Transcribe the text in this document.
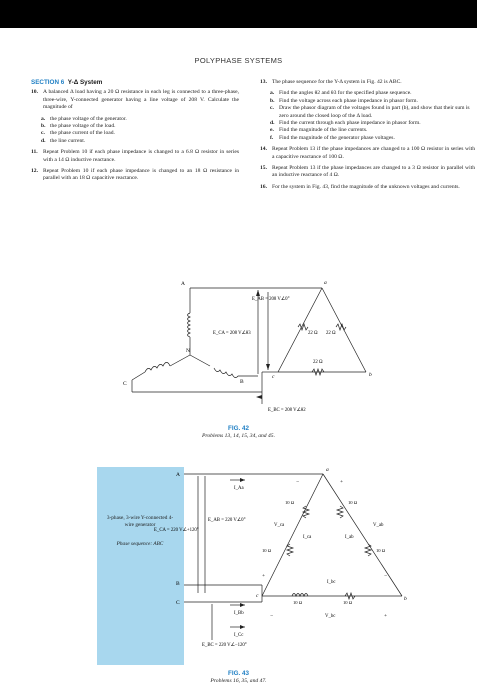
POLYPHASE SYSTEMS
SECTION 6 Y-Δ System
10. A balanced Δ load having a 20 Ω resistance in each leg is connected to a three-phase, three-wire, Y-connected generator having a line voltage of 208 V. Calculate the magnitude of
a. the phase voltage of the generator.
b. the phase voltage of the load.
c. the phase current of the load.
d. the line current.
11. Repeat Problem 10 if each phase impedance is changed to a 6.8 Ω resistor in series with a 14 Ω inductive reactance.
12. Repeat Problem 10 if each phase impedance is changed to an 18 Ω resistance in parallel with an 18 Ω capacitive reactance.
13. The phase sequence for the Y-Δ system in Fig. 42 is ABC.
a. Find the angles θ2 and θ3 for the specified phase sequence.
b. Find the voltage across each phase impedance in phasor form.
c. Draw the phasor diagram of the voltages found in part (b), and show that their sum is zero around the closed loop of the Δ load.
d. Find the current through each phase impedance in phasor form.
e. Find the magnitude of the line currents.
f.	Find the magnitude of the generator phase voltages.
14. Repeat Problem 13 if the phase impedances are changed to a 100 Ω resistor in series with a capacitive reactance of 100 Ω.
15. Repeat Problem 13 if the phase impedances are changed to a 3 Ω resistor in parallel with an inductive reactance of 4 Ω.
16. For the system in Fig. 43, find the magnitude of the unknown voltages and currents.
A
N
C	B
a
b
c
E_AB = 208 V∠0°
E_CA = 208 V∠θ3
E_BC = 208 V∠θ2
22 Ω 22 Ω
22 Ω
FIG. 42
Problems 13, 14, 15, 34, and 45.
A
B
C
a
b
c
I_Aa
I_Bb
I_Cc
E_AB = 220 V∠0°
E_CA = 220 V∠+120°
E_BC = 220 V∠−120°
V_ca	V_ab
V_bc
I_ca	I_ab
I_bc
10 Ω
10 Ω
10 Ω
10 Ω
10 Ω	10 Ω
+
+	−
−
+
−
3-phase, 3-wire Y-connected 4-wire generator
Phase sequence: ABC
FIG. 43
Problems 16, 35, and 47.
